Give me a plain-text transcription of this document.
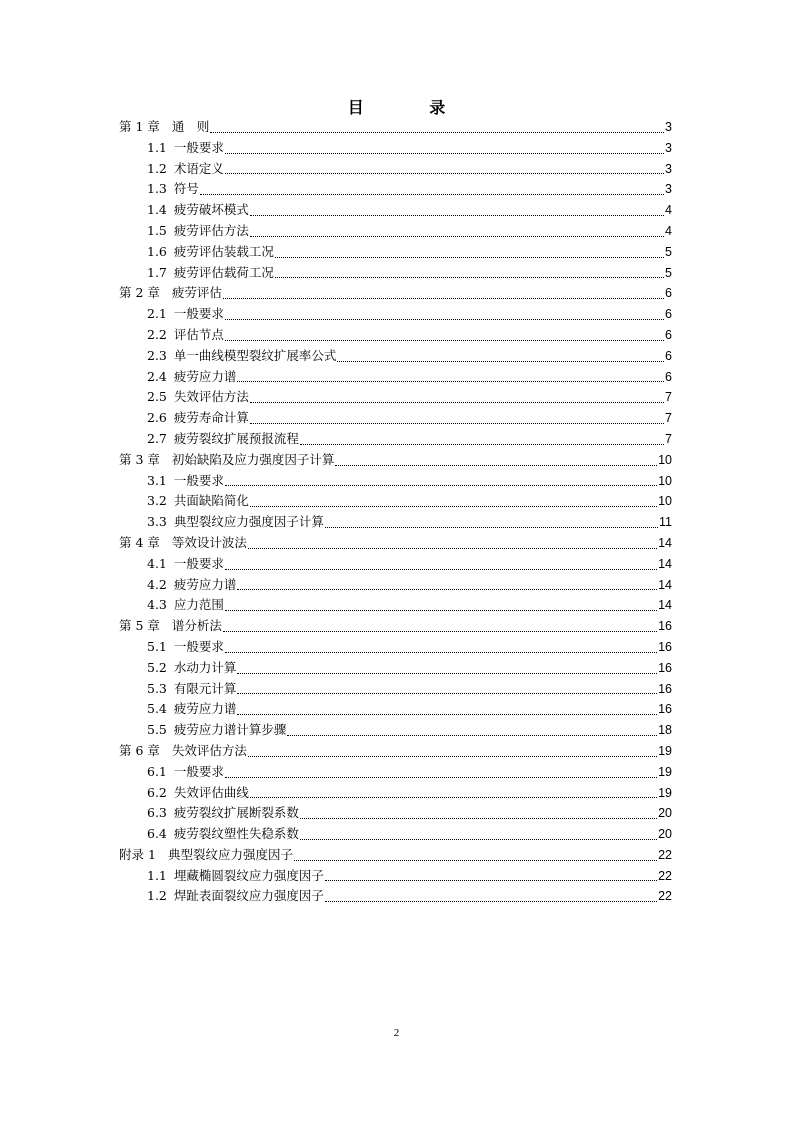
目 录
第 1 章 通　则	3
1.1 一般要求	3
1.2 术语定义	3
1.3 符号	3
1.4 疲劳破坏模式	4
1.5 疲劳评估方法	4
1.6 疲劳评估装载工况	5
1.7 疲劳评估载荷工况	5
第 2 章 疲劳评估	6
2.1 一般要求	6
2.2 评估节点	6
2.3 单一曲线模型裂纹扩展率公式	6
2.4 疲劳应力谱	6
2.5 失效评估方法	7
2.6 疲劳寿命计算	7
2.7 疲劳裂纹扩展预报流程	7
第 3 章 初始缺陷及应力强度因子计算	10
3.1 一般要求	10
3.2 共面缺陷简化	10
3.3 典型裂纹应力强度因子计算	11
第 4 章 等效设计波法	14
4.1 一般要求	14
4.2 疲劳应力谱	14
4.3 应力范围	14
第 5 章 谱分析法	16
5.1 一般要求	16
5.2 水动力计算	16
5.3 有限元计算	16
5.4 疲劳应力谱	16
5.5 疲劳应力谱计算步骤	18
第 6 章 失效评估方法	19
6.1 一般要求	19
6.2 失效评估曲线	19
6.3 疲劳裂纹扩展断裂系数	20
6.4 疲劳裂纹塑性失稳系数	20
附录 1 典型裂纹应力强度因子	22
1.1 埋藏椭圆裂纹应力强度因子	22
1.2 焊趾表面裂纹应力强度因子	22
2
